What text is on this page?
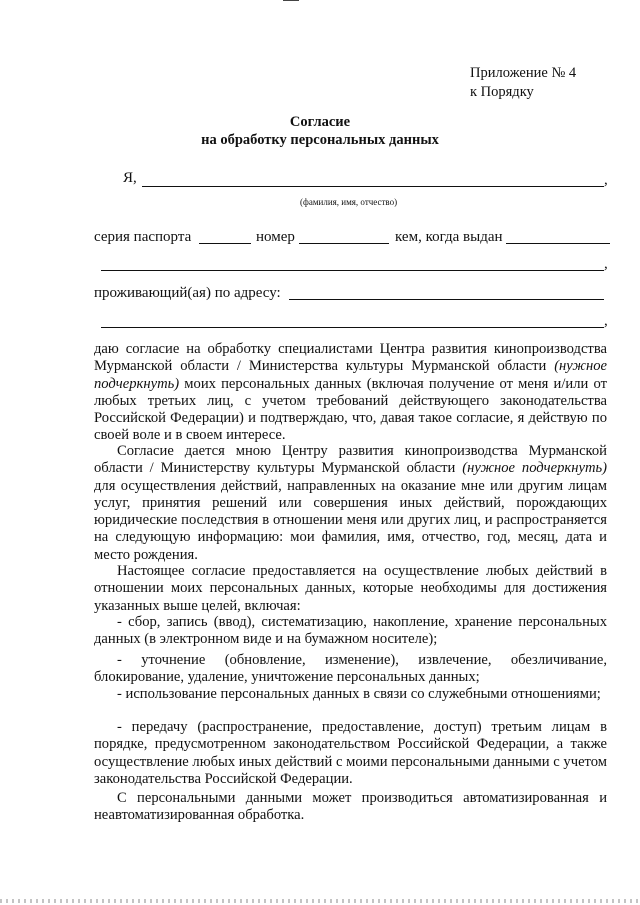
Приложение № 4
к Порядку
Согласие
на обработку персональных данных
Я,	,
(фамилия, имя, отчество)
серия паспорта	номер	кем, когда выдан
,
проживающий(ая) по адресу:
,
даю согласие на обработку специалистами Центра развития кинопроизводства Мурманской области / Министерства культуры Мурманской области (нужное подчеркнуть) моих персональных данных (включая получение от меня и/или от любых третьих лиц, с учетом требований действующего законодательства Российской Федерации) и подтверждаю, что, давая такое согласие, я действую по своей воле и в своем интересе.
Согласие дается мною Центру развития кинопроизводства Мурманской области / Министерству культуры Мурманской области (нужное подчеркнуть) для осуществления действий, направленных на оказание мне или другим лицам услуг, принятия решений или совершения иных действий, порождающих юридические последствия в отношении меня или других лиц, и распространяется на следующую информацию: мои фамилия, имя, отчество, год, месяц, дата и место рождения.
Настоящее согласие предоставляется на осуществление любых действий в отношении моих персональных данных, которые необходимы для достижения указанных выше целей, включая:
- сбор, запись (ввод), систематизацию, накопление, хранение персональных данных (в электронном виде и на бумажном носителе);
- уточнение (обновление, изменение), извлечение, обезличивание, блокирование, удаление, уничтожение персональных данных;
- использование персональных данных в связи со служебными отношениями;
- передачу (распространение, предоставление, доступ) третьим лицам в порядке, предусмотренном законодательством Российской Федерации, а также осуществление любых иных действий с моими персональными данными с учетом законодательства Российской Федерации.
С персональными данными может производиться автоматизированная и неавтоматизированная обработка.
